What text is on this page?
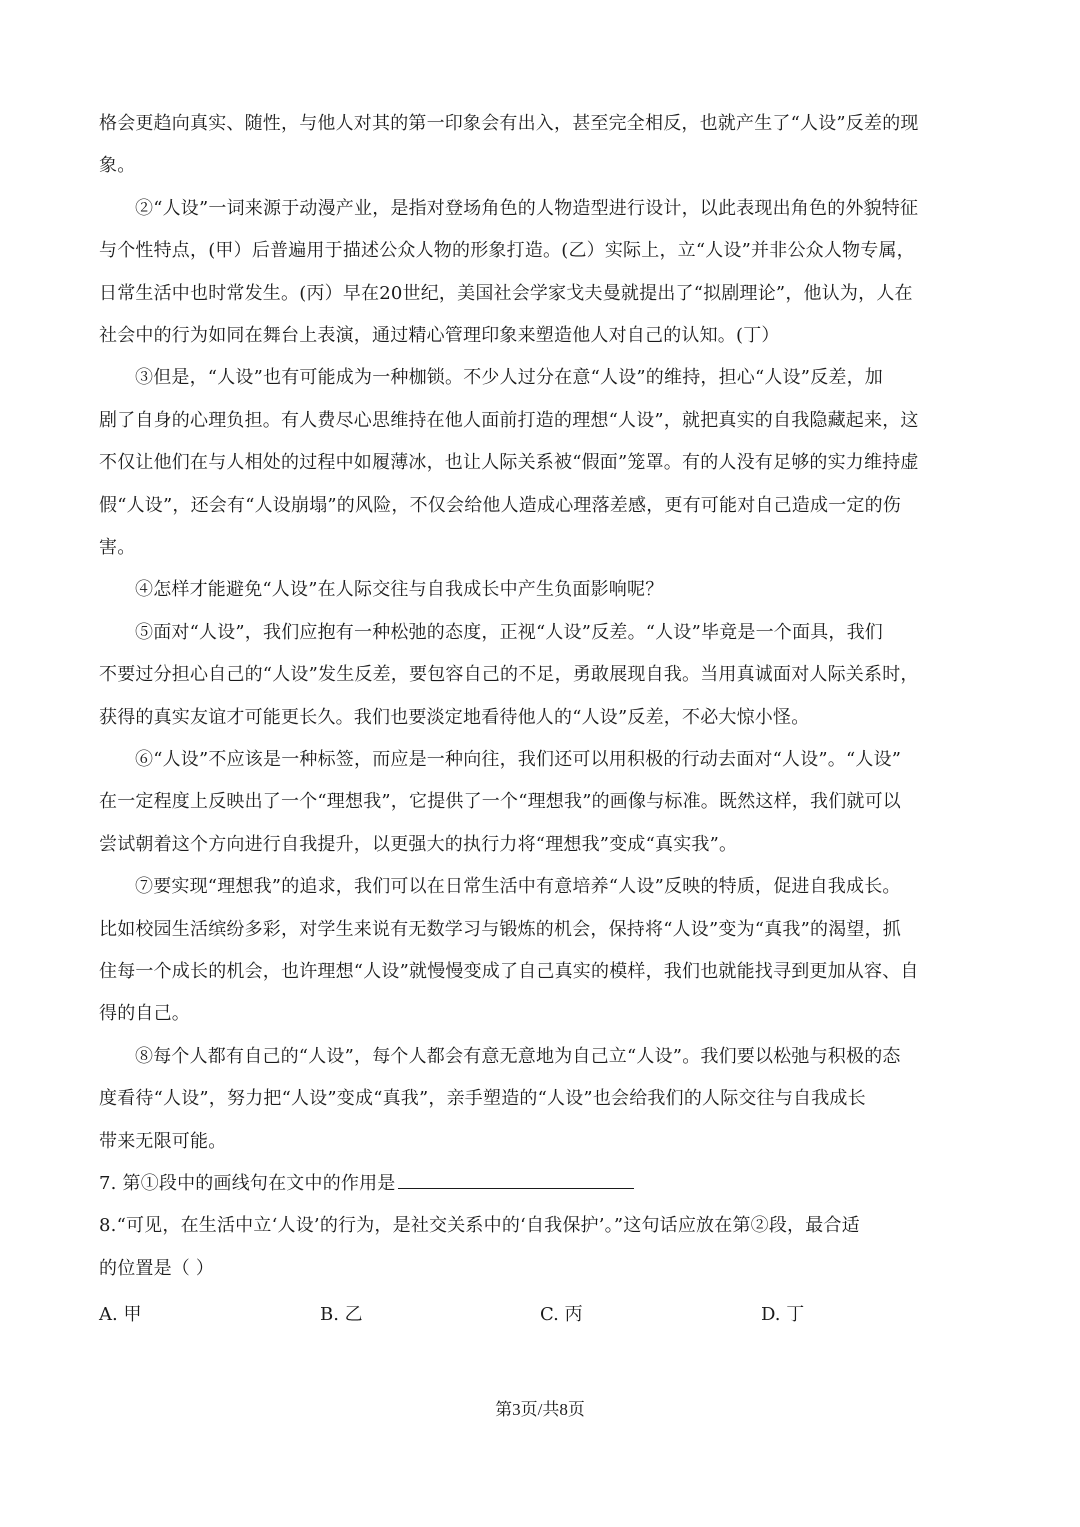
格会更趋向真实、随性，与他人对其的第一印象会有出入，甚至完全相反，也就产生了“人设”反差的现
象。
②“人设”一词来源于动漫产业，是指对登场角色的人物造型进行设计，以此表现出角色的外貌特征
与个性特点，(甲）后普遍用于描述公众人物的形象打造。(乙）实际上，立“人设”并非公众人物专属，
日常生活中也时常发生。(丙）早在20世纪，美国社会学家戈夫曼就提出了“拟剧理论”，他认为，人在
社会中的行为如同在舞台上表演，通过精心管理印象来塑造他人对自己的认知。(丁）
③但是，“人设”也有可能成为一种枷锁。不少人过分在意“人设”的维持，担心“人设”反差，加
剧了自身的心理负担。有人费尽心思维持在他人面前打造的理想“人设”，就把真实的自我隐藏起来，这
不仅让他们在与人相处的过程中如履薄冰，也让人际关系被“假面”笼罩。有的人没有足够的实力维持虚
假“人设”，还会有“人设崩塌”的风险，不仅会给他人造成心理落差感，更有可能对自己造成一定的伤
害。
④怎样才能避免“人设”在人际交往与自我成长中产生负面影响呢？
⑤面对“人设”，我们应抱有一种松弛的态度，正视“人设”反差。“人设”毕竟是一个面具，我们
不要过分担心自己的“人设”发生反差，要包容自己的不足，勇敢展现自我。当用真诚面对人际关系时，
获得的真实友谊才可能更长久。我们也要淡定地看待他人的“人设”反差，不必大惊小怪。
⑥“人设”不应该是一种标签，而应是一种向往，我们还可以用积极的行动去面对“人设”。“人设”
在一定程度上反映出了一个“理想我”，它提供了一个“理想我”的画像与标准。既然这样，我们就可以
尝试朝着这个方向进行自我提升，以更强大的执行力将“理想我”变成“真实我”。
⑦要实现“理想我”的追求，我们可以在日常生活中有意培养“人设”反映的特质，促进自我成长。
比如校园生活缤纷多彩，对学生来说有无数学习与锻炼的机会，保持将“人设”变为“真我”的渴望，抓
住每一个成长的机会，也许理想“人设”就慢慢变成了自己真实的模样，我们也就能找寻到更加从容、自
得的自己。
⑧每个人都有自己的“人设”，每个人都会有意无意地为自己立“人设”。我们要以松弛与积极的态
度看待“人设”，努力把“人设”变成“真我”，亲手塑造的“人设”也会给我们的人际交往与自我成长
带来无限可能。
7. 第①段中的画线句在文中的作用是
8.“可见，在生活中立‘人设’的行为，是社交关系中的‘自我保护’。”这句话应放在第②段，最合适
的位置是（ ）
A. 甲	B. 乙	C. 丙	D. 丁
第3页/共8页
